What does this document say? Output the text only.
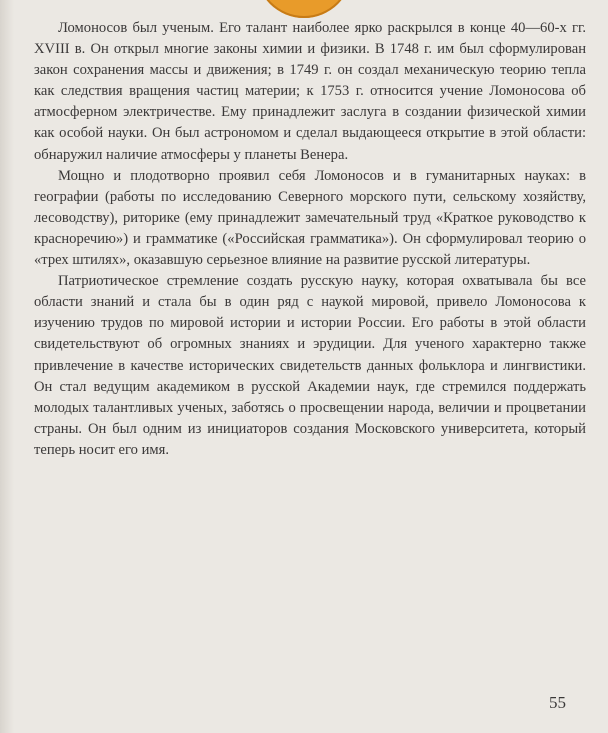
Ломоносов был ученым. Его талант наиболее ярко раскрылся в конце 40—60-х гг. XVIII в. Он открыл многие законы химии и физики. В 1748 г. им был сформулирован закон сохранения массы и движения; в 1749 г. он создал механическую теорию тепла как следствия вращения частиц материи; к 1753 г. относится учение Ломоносова об атмосферном электричестве. Ему принадлежит заслуга в создании физической химии как особой науки. Он был астрономом и сделал выдающееся открытие в этой области: обнаружил наличие атмосферы у планеты Венера.

Мощно и плодотворно проявил себя Ломоносов и в гуманитарных науках: в географии (работы по исследованию Северного морского пути, сельскому хозяйству, лесоводству), риторике (ему принадлежит замечательный труд «Краткое руководство к красноречию») и грамматике («Российская грамматика»). Он сформулировал теорию о «трех штилях», оказавшую серьезное влияние на развитие русской литературы.

Патриотическое стремление создать русскую науку, которая охватывала бы все области знаний и стала бы в один ряд с наукой мировой, привело Ломоносова к изучению трудов по мировой истории и истории России. Его работы в этой области свидетельствуют об огромных знаниях и эрудиции. Для ученого характерно также привлечение в качестве исторических свидетельств данных фольклора и лингвистики. Он стал ведущим академиком в русской Академии наук, где стремился поддержать молодых талантливых ученых, заботясь о просвещении народа, величии и процветании страны. Он был одним из инициаторов создания Московского университета, который теперь носит его имя.

55
